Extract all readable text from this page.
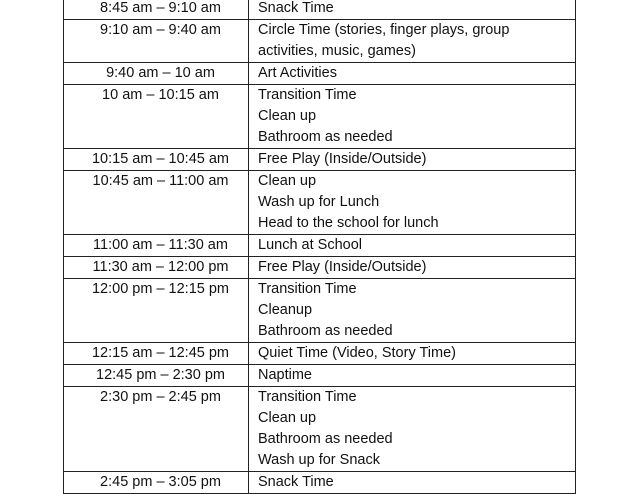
8:45 am – 9:10 am	Snack Time

9:10 am – 9:40 am	Circle Time (stories, finger plays, group
activities, music, games)

9:40 am – 10 am	Art Activities

10 am – 10:15 am	Transition Time
Clean up
Bathroom as needed

10:15 am – 10:45 am	Free Play (Inside/Outside)

10:45 am – 11:00 am	Clean up
Wash up for Lunch
Head to the school for lunch

11:00 am – 11:30 am	Lunch at School

11:30 am – 12:00 pm	Free Play (Inside/Outside)

12:00 pm – 12:15 pm	Transition Time
Cleanup
Bathroom as needed

12:15 am – 12:45 pm	Quiet Time (Video, Story Time)

12:45 pm – 2:30 pm	Naptime

2:30 pm – 2:45 pm	Transition Time
Clean up
Bathroom as needed
Wash up for Snack

2:45 pm – 3:05 pm	Snack Time
